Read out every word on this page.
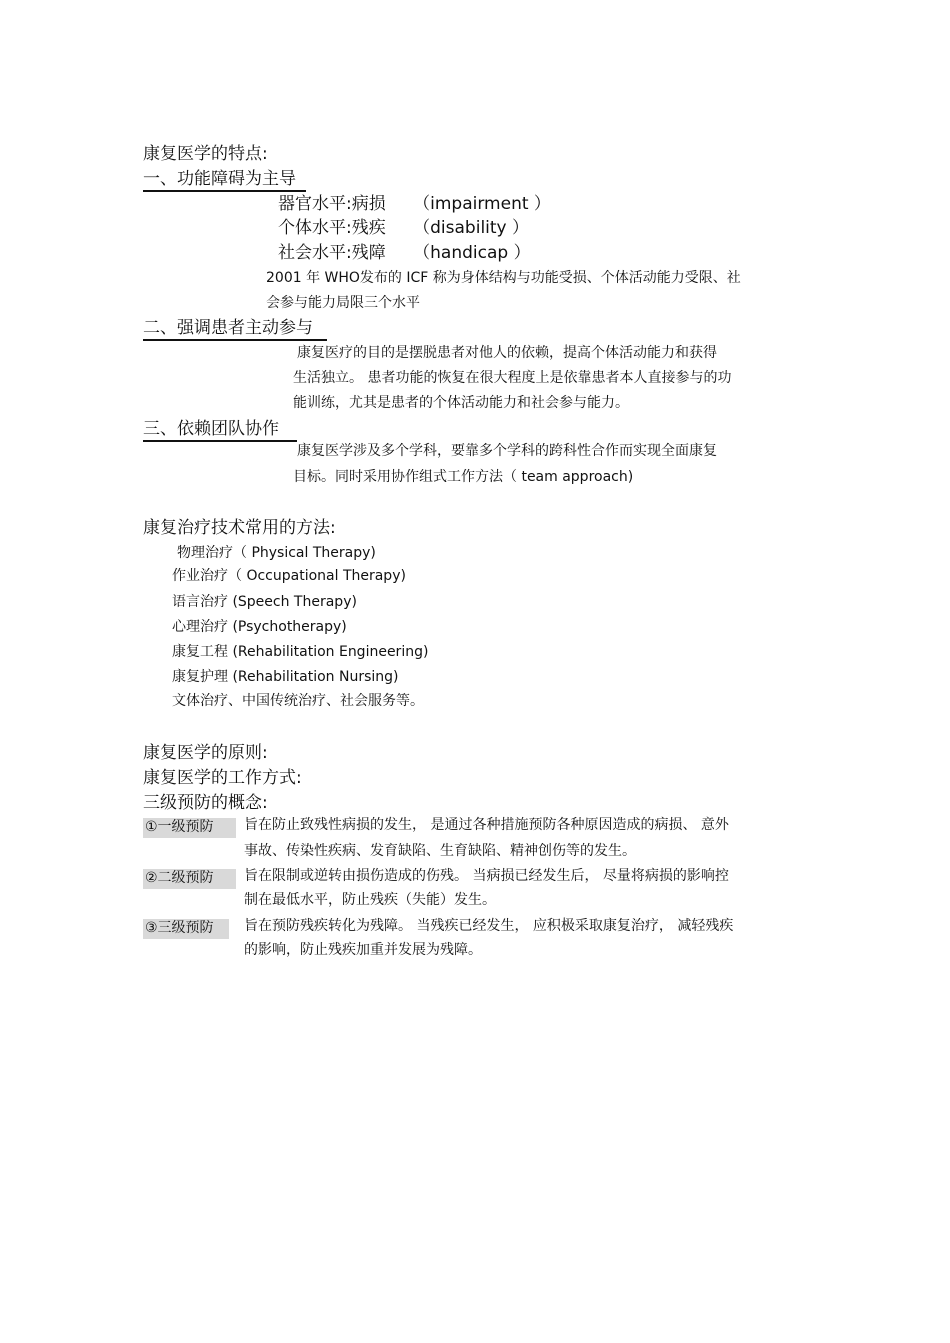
康复医学的特点:
一、功能障碍为主导
器官水平:病损 （impairment ）
个体水平:残疾 （disability ）
社会水平:残障 （handicap ）
2001 年 WHO发布的 ICF 称为身体结构与功能受损、个体活动能力受限、社
会参与能力局限三个水平
二、强调患者主动参与
康复医疗的目的是摆脱患者对他人的依赖，提高个体活动能力和获得
生活独立。 患者功能的恢复在很大程度上是依靠患者本人直接参与的功
能训练，尤其是患者的个体活动能力和社会参与能力。
三、依赖团队协作
康复医学涉及多个学科，要靠多个学科的跨科性合作而实现全面康复
目标。同时采用协作组式工作方法（ team approach)
康复治疗技术常用的方法:
物理治疗（ Physical Therapy)
作业治疗（ Occupational Therapy)
语言治疗 (Speech Therapy)
心理治疗 (Psychotherapy)
康复工程 (Rehabilitation Engineering)
康复护理 (Rehabilitation Nursing)
文体治疗、中国传统治疗、社会服务等。
康复医学的原则:
康复医学的工作方式:
三级预防的概念:
①一级预防	旨在防止致残性病损的发生， 是通过各种措施预防各种原因造成的病损、 意外
事故、传染性疾病、发育缺陷、生育缺陷、精神创伤等的发生。
②二级预防	旨在限制或逆转由损伤造成的伤残。 当病损已经发生后， 尽量将病损的影响控
制在最低水平，防止残疾（失能）发生。
③三级预防	旨在预防残疾转化为残障。 当残疾已经发生， 应积极采取康复治疗， 减轻残疾
的影响，防止残疾加重并发展为残障。
